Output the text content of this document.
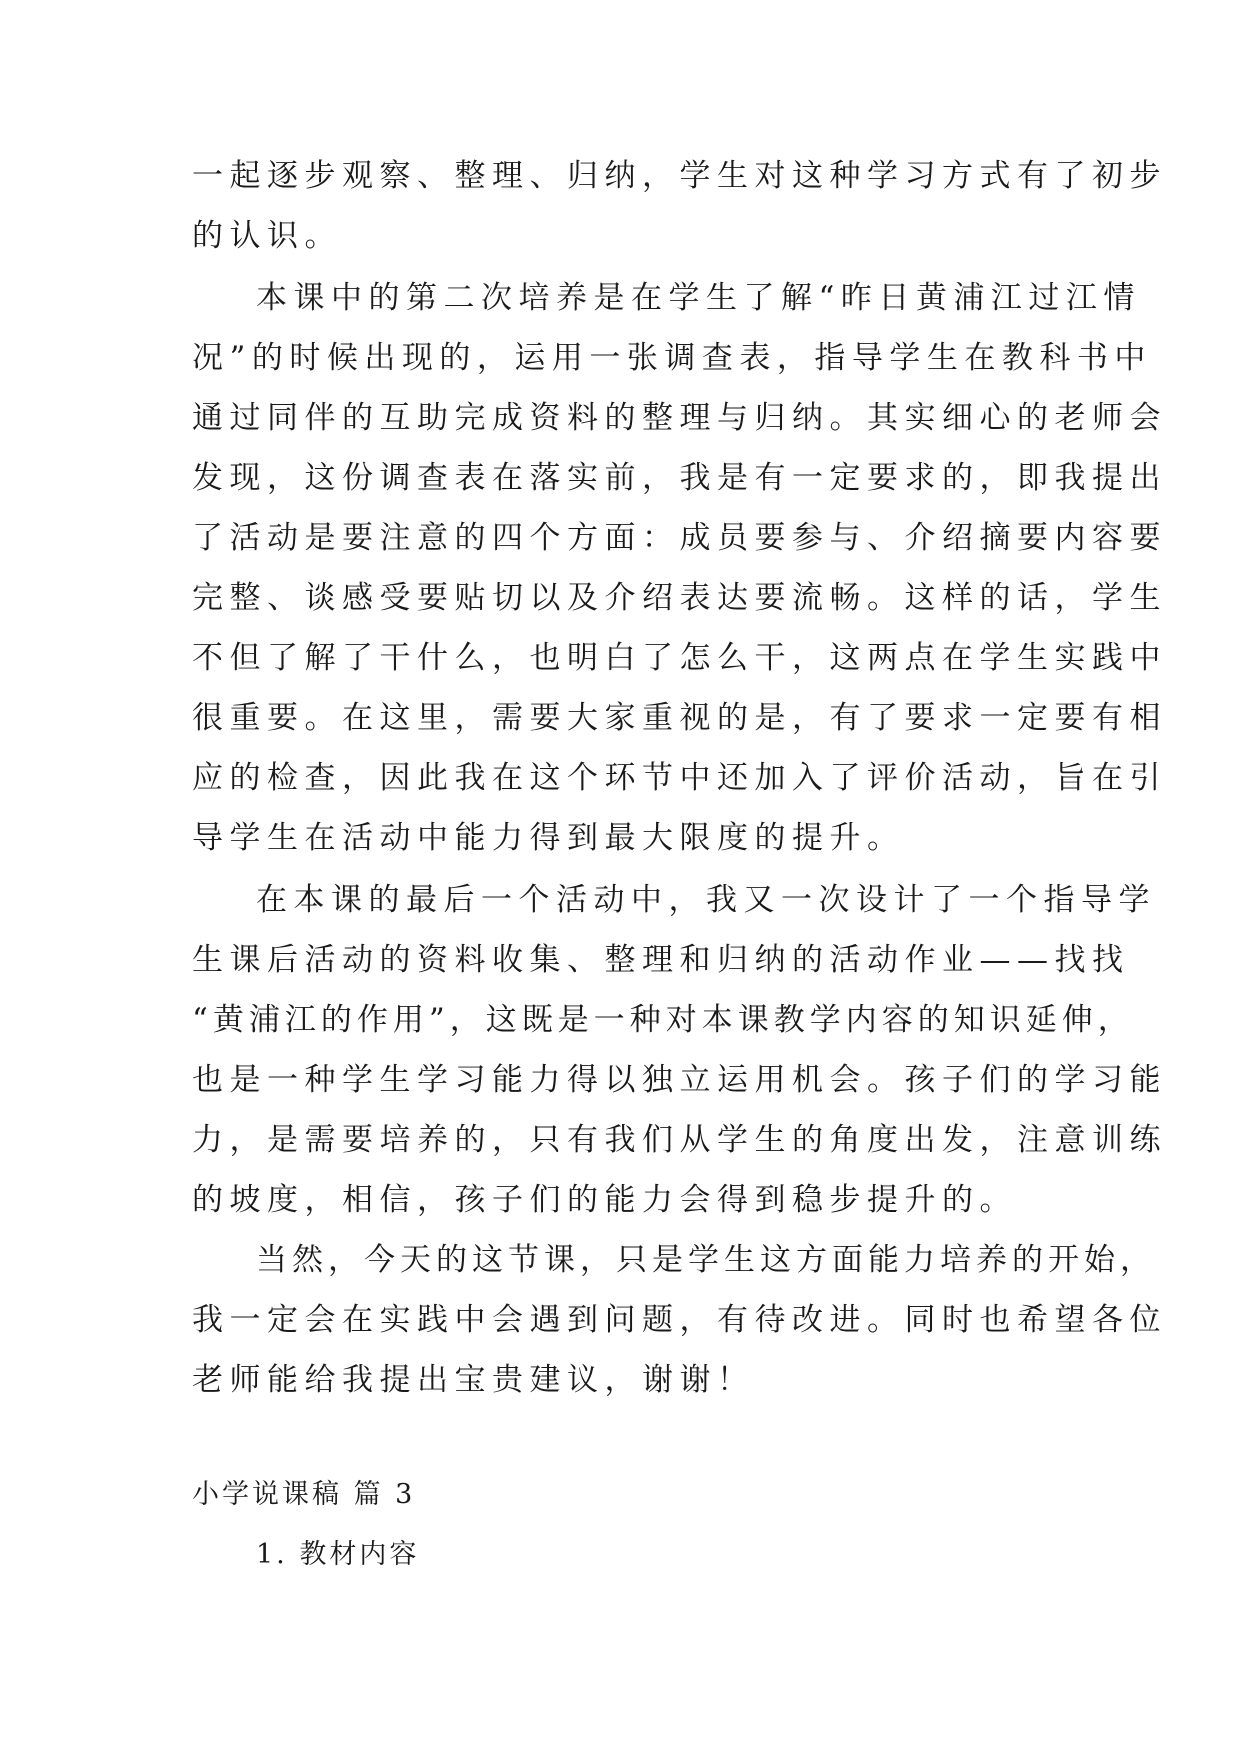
一起逐步观察、整理、归纳，学生对这种学习方式有了初步
的认识。
本课中的第二次培养是在学生了解“昨日黄浦江过江情
况”的时候出现的，运用一张调查表，指导学生在教科书中
通过同伴的互助完成资料的整理与归纳。其实细心的老师会
发现，这份调查表在落实前，我是有一定要求的，即我提出
了活动是要注意的四个方面：成员要参与、介绍摘要内容要
完整、谈感受要贴切以及介绍表达要流畅。这样的话，学生
不但了解了干什么，也明白了怎么干，这两点在学生实践中
很重要。在这里，需要大家重视的是，有了要求一定要有相
应的检查，因此我在这个环节中还加入了评价活动，旨在引
导学生在活动中能力得到最大限度的提升。
在本课的最后一个活动中，我又一次设计了一个指导学
生课后活动的资料收集、整理和归纳的活动作业——找找
“黄浦江的作用”，这既是一种对本课教学内容的知识延伸，
也是一种学生学习能力得以独立运用机会。孩子们的学习能
力，是需要培养的，只有我们从学生的角度出发，注意训练
的坡度，相信，孩子们的能力会得到稳步提升的。
当然，今天的这节课，只是学生这方面能力培养的开始，
我一定会在实践中会遇到问题，有待改进。同时也希望各位
老师能给我提出宝贵建议，谢谢！
小学说课稿 篇 3
1. 教材内容
